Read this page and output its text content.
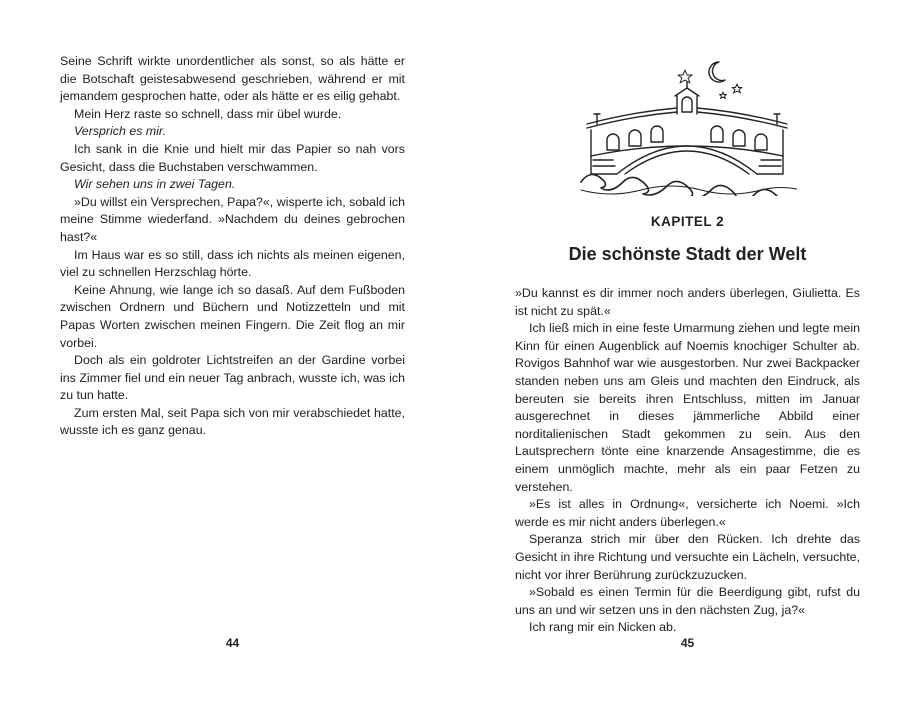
Seine Schrift wirkte unordentlicher als sonst, so als hätte er die Botschaft geistesabwesend geschrieben, während er mit jemandem gesprochen hatte, oder als hätte er es eilig gehabt.

Mein Herz raste so schnell, dass mir übel wurde.

Versprich es mir.

Ich sank in die Knie und hielt mir das Papier so nah vors Gesicht, dass die Buchstaben verschwammen.

Wir sehen uns in zwei Tagen.

»Du willst ein Versprechen, Papa?«, wisperte ich, sobald ich meine Stimme wiederfand. »Nachdem du deines gebrochen hast?«

Im Haus war es so still, dass ich nichts als meinen eigenen, viel zu schnellen Herzschlag hörte.

Keine Ahnung, wie lange ich so dasaß. Auf dem Fußboden zwischen Ordnern und Büchern und Notizzetteln und mit Papas Worten zwischen meinen Fingern. Die Zeit flog an mir vorbei.

Doch als ein goldroter Lichtstreifen an der Gardine vorbei ins Zimmer fiel und ein neuer Tag anbrach, wusste ich, was ich zu tun hatte.

Zum ersten Mal, seit Papa sich von mir verabschiedet hatte, wusste ich es ganz genau.

44
KAPITEL 2
Die schönste Stadt der Welt

»Du kannst es dir immer noch anders überlegen, Giulietta. Es ist nicht zu spät.«

Ich ließ mich in eine feste Umarmung ziehen und legte mein Kinn für einen Augenblick auf Noemis knochiger Schulter ab. Rovigos Bahnhof war wie ausgestorben. Nur zwei Backpacker standen neben uns am Gleis und machten den Eindruck, als bereuten sie bereits ihren Entschluss, mitten im Januar ausgerechnet in dieses jämmerliche Abbild einer norditalienischen Stadt gekommen zu sein. Aus den Lautsprechern tönte eine knarzende Ansagestimme, die es einem unmöglich machte, mehr als ein paar Fetzen zu verstehen.

»Es ist alles in Ordnung«, versicherte ich Noemi. »Ich werde es mir nicht anders überlegen.«

Speranza strich mir über den Rücken. Ich drehte das Gesicht in ihre Richtung und versuchte ein Lächeln, versuchte, nicht vor ihrer Berührung zurückzuzucken.

»Sobald es einen Termin für die Beerdigung gibt, rufst du uns an und wir setzen uns in den nächsten Zug, ja?«

Ich rang mir ein Nicken ab.

45
